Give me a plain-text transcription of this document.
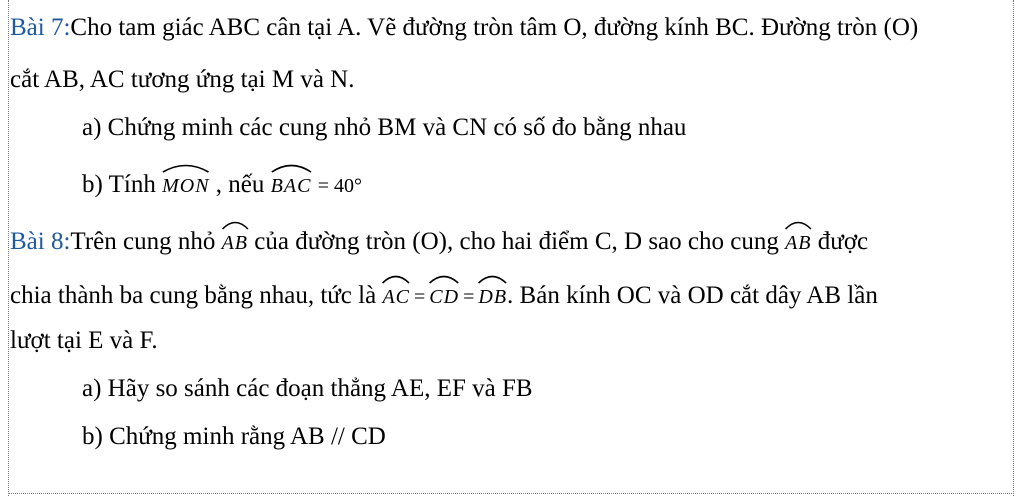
Bài 7:Cho tam giác ABC cân tại A. Vẽ đường tròn tâm O, đường kính BC. Đường tròn (O)
cắt AB, AC tương ứng tại M và N.
a) Chứng minh các cung nhỏ BM và CN có số đo bằng nhau
b) Tính MON , nếu BAC = 40°
Bài 8:Trên cung nhỏ AB của đường tròn (O), cho hai điểm C, D sao cho cung AB được
chia thành ba cung bằng nhau, tức là AC = CD = DB. Bán kính OC và OD cắt dây AB lần
lượt tại E và F.
a) Hãy so sánh các đoạn thẳng AE, EF và FB
b) Chứng minh rằng AB // CD
